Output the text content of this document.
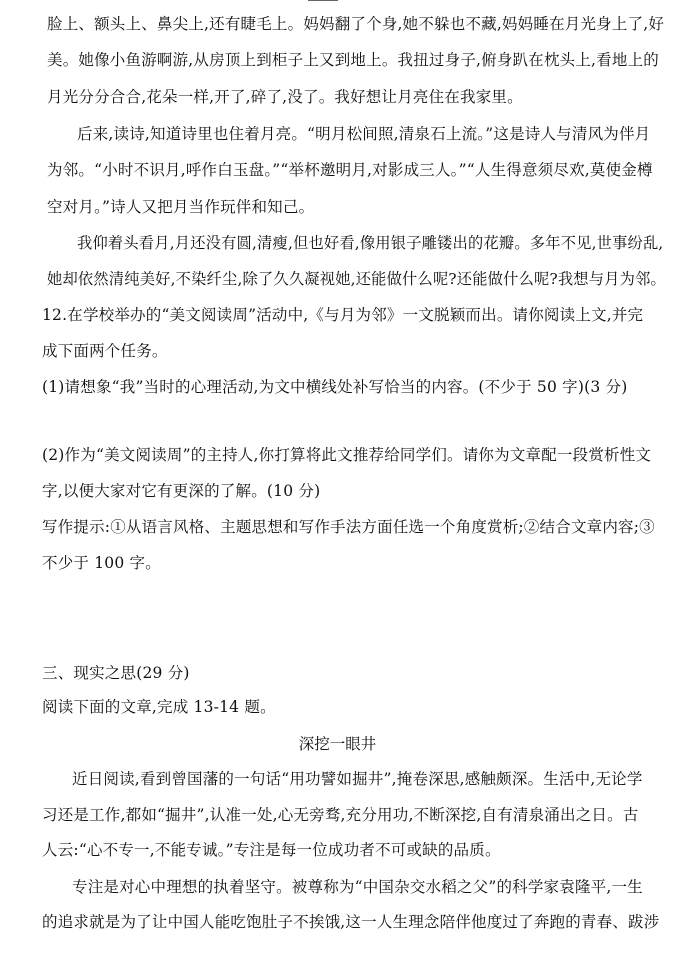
脸上、额头上、鼻尖上,还有睫毛上。妈妈翻了个身,她不躲也不藏,妈妈睡在月光身上了,好
美。她像小鱼游啊游,从房顶上到柜子上又到地上。我扭过身子,俯身趴在枕头上,看地上的
月光分分合合,花朵一样,开了,碎了,没了。我好想让月亮住在我家里。
后来,读诗,知道诗里也住着月亮。“明月松间照,清泉石上流。”这是诗人与清风为伴月
为邻。“小时不识月,呼作白玉盘。”“举杯邀明月,对影成三人。”“人生得意须尽欢,莫使金樽
空对月。”诗人又把月当作玩伴和知己。
我仰着头看月,月还没有圆,清瘦,但也好看,像用银子雕镂出的花瓣。多年不见,世事纷乱,
她却依然清纯美好,不染纤尘,除了久久凝视她,还能做什么呢?还能做什么呢?我想与月为邻。
12.在学校举办的“美文阅读周”活动中,《与月为邻》一文脱颖而出。请你阅读上文,并完
成下面两个任务。
(1)请想象“我”当时的心理活动,为文中横线处补写恰当的内容。(不少于 50 字)(3 分)
(2)作为“美文阅读周”的主持人,你打算将此文推荐给同学们。请你为文章配一段赏析性文
字,以便大家对它有更深的了解。(10 分)
写作提示:①从语言风格、主题思想和写作手法方面任选一个角度赏析;②结合文章内容;③
不少于 100 字。
三、现实之思(29 分)
阅读下面的文章,完成 13-14 题。
深挖一眼井
近日阅读,看到曾国藩的一句话“用功譬如掘井”,掩卷深思,感触颇深。生活中,无论学
习还是工作,都如“掘井”,认准一处,心无旁骛,充分用功,不断深挖,自有清泉涌出之日。古
人云:“心不专一,不能专诚。”专注是每一位成功者不可或缺的品质。
专注是对心中理想的执着坚守。被尊称为“中国杂交水稻之父”的科学家袁隆平,一生
的追求就是为了让中国人能吃饱肚子不挨饿,这一人生理念陪伴他度过了奔跑的青春、跋涉
